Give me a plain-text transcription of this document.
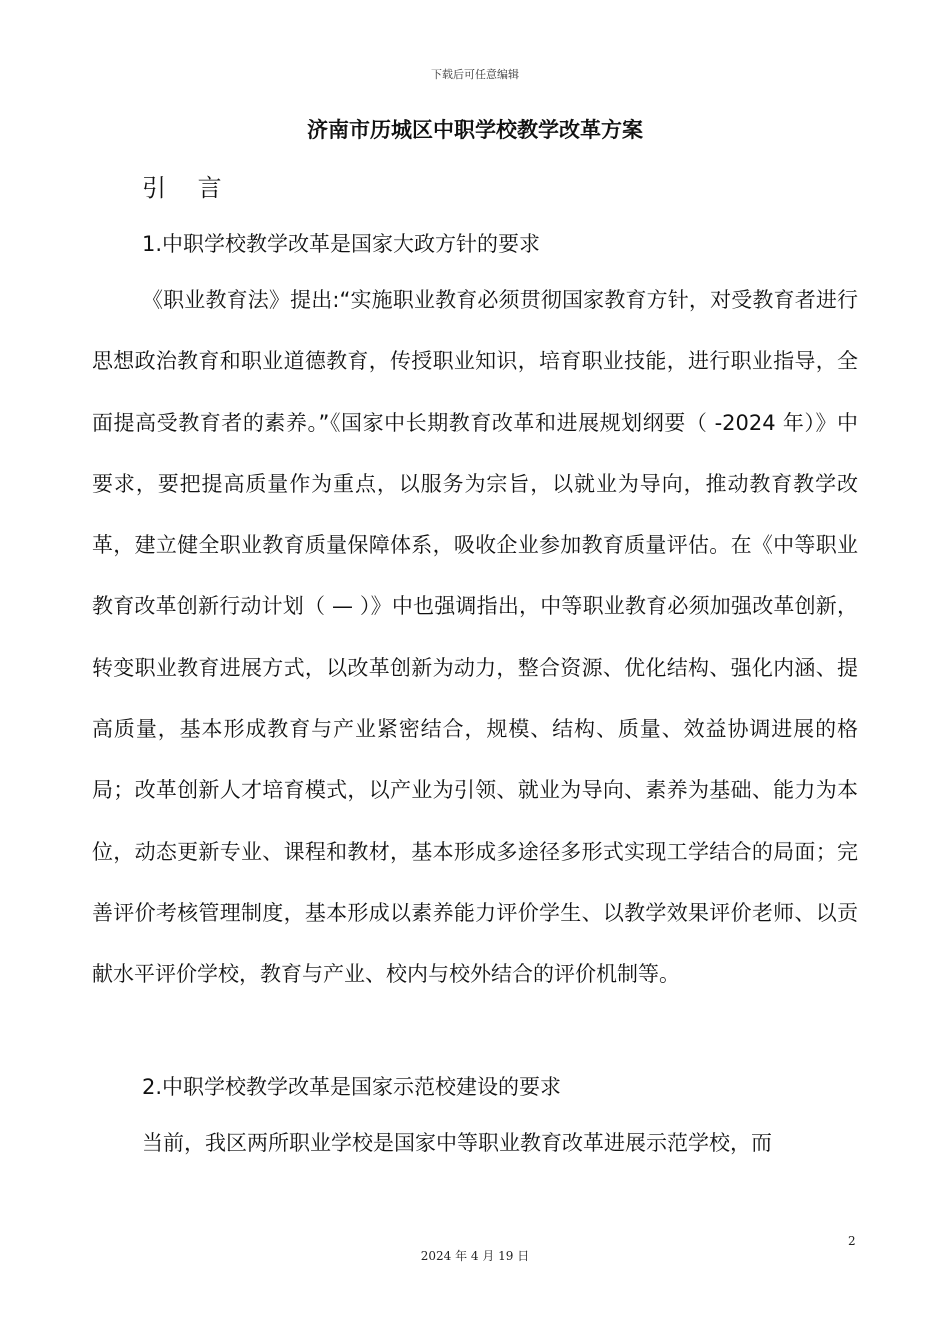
下载后可任意编辑
济南市历城区中职学校教学改革方案
引 言
1.中职学校教学改革是国家大政方针的要求

《职业教育法》提出:“实施职业教育必须贯彻国家教育方针，对受教育者进行思想政治教育和职业道德教育，传授职业知识，培育职业技能，进行职业指导，全面提高受教育者的素养。”《国家中长期教育改革和进展规划纲要（ -2024 年）》中要求，要把提高质量作为重点，以服务为宗旨，以就业为导向，推动教育教学改革，建立健全职业教育质量保障体系，吸收企业参加教育质量评估。在《中等职业教育改革创新行动计划（ — ）》中也强调指出，中等职业教育必须加强改革创新，转变职业教育进展方式，以改革创新为动力，整合资源、优化结构、强化内涵、提高质量，基本形成教育与产业紧密结合，规模、结构、质量、效益协调进展的格局；改革创新人才培育模式，以产业为引领、就业为导向、素养为基础、能力为本位，动态更新专业、课程和教材，基本形成多途径多形式实现工学结合的局面；完善评价考核管理制度，基本形成以素养能力评价学生、以教学效果评价老师、以贡献水平评价学校，教育与产业、校内与校外结合的评价机制等。

2.中职学校教学改革是国家示范校建设的要求

当前，我区两所职业学校是国家中等职业教育改革进展示范学校，而

2
2024 年 4 月 19 日
